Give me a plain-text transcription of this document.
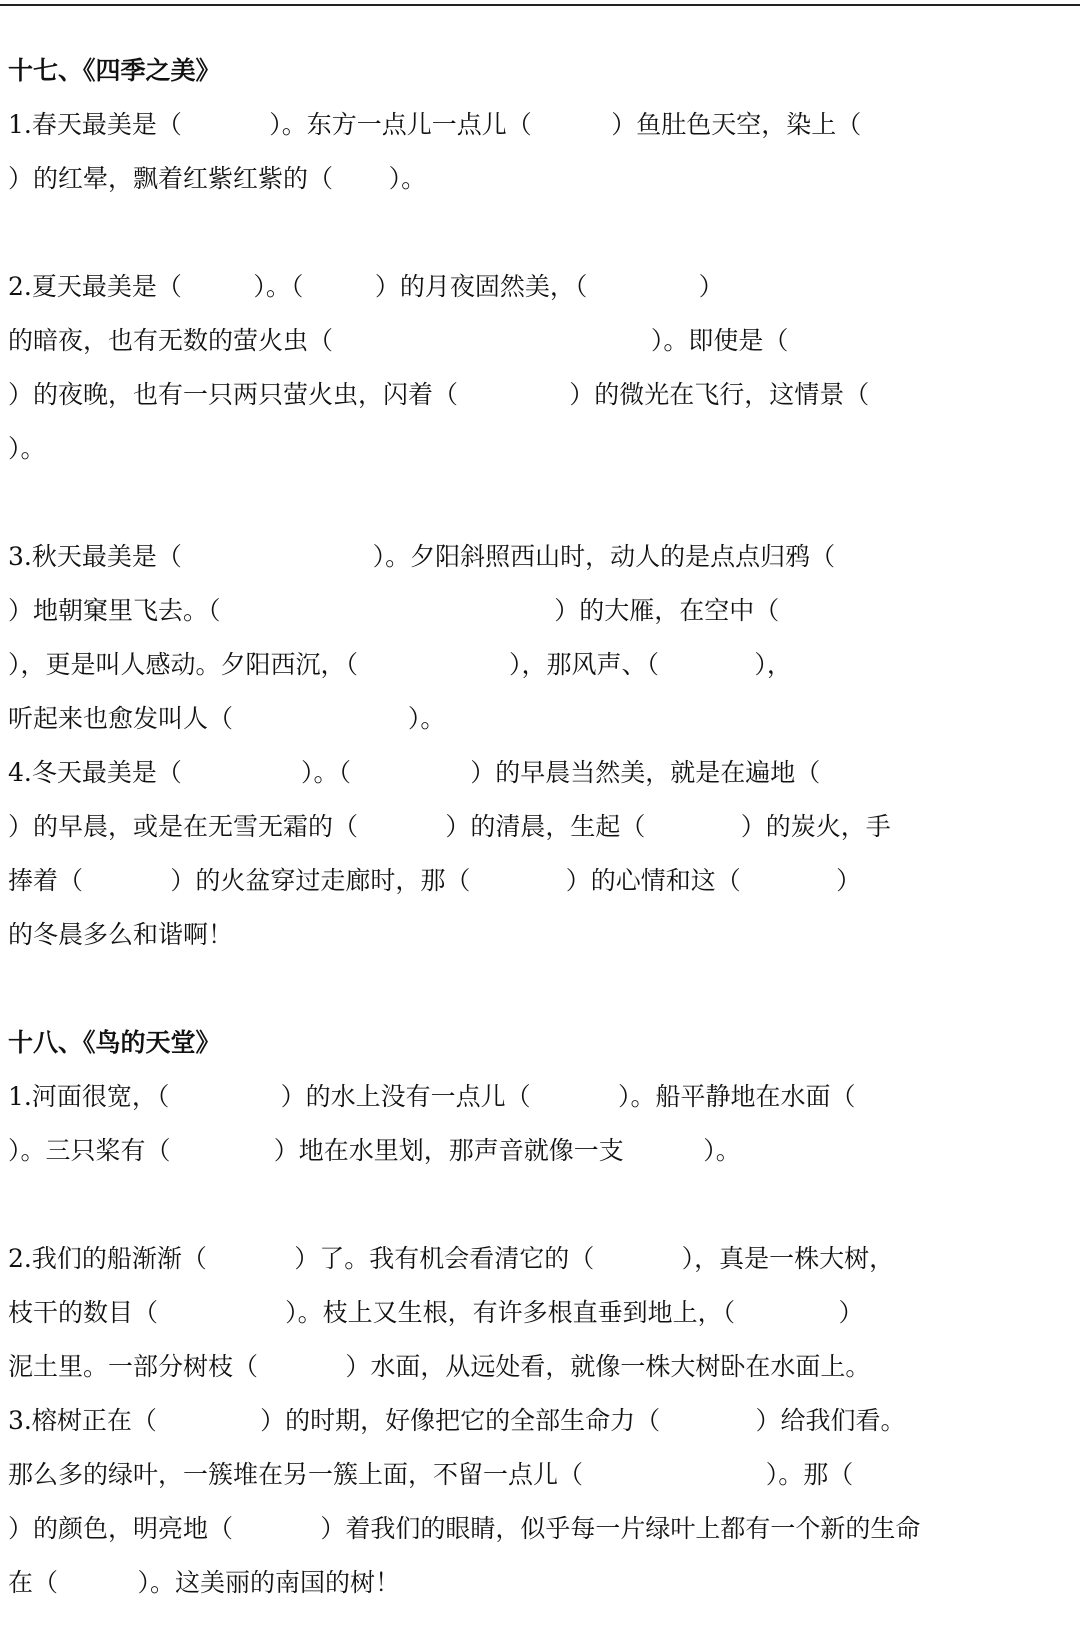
十七、《四季之美》
1.春天最美是（           ）。东方一点儿一点儿（          ）鱼肚色天空，染上（
）的红晕，飘着红紫红紫的（       ）。
2.夏天最美是（         ）。（         ）的月夜固然美，（              ）
的暗夜，也有无数的萤火虫（                                        ）。即使是（
）的夜晚，也有一只两只萤火虫，闪着（              ）的微光在飞行，这情景（
）。
3.秋天最美是（                        ）。夕阳斜照西山时，动人的是点点归鸦（
）地朝窠里飞去。（                                          ）的大雁，在空中（
），更是叫人感动。夕阳西沉，（                   ），那风声、（            ），
听起来也愈发叫人（                      ）。
4.冬天最美是（               ）。（               ）的早晨当然美，就是在遍地（
）的早晨，或是在无雪无霜的（           ）的清晨，生起（            ）的炭火，手
捧着（           ）的火盆穿过走廊时，那（            ）的心情和这（            ）
的冬晨多么和谐啊！
十八、《鸟的天堂》
1.河面很宽，（              ）的水上没有一点儿（           ）。船平静地在水面（
）。三只桨有（             ）地在水里划，那声音就像一支          ）。
2.我们的船渐渐（           ）了。我有机会看清它的（           ），真是一株大树，
枝干的数目（                ）。枝上又生根，有许多根直垂到地上，（             ）
泥土里。一部分树枝（           ）水面，从远处看，就像一株大树卧在水面上。
3.榕树正在（             ）的时期，好像把它的全部生命力（            ）给我们看。
那么多的绿叶，一簇堆在另一簇上面，不留一点儿（                       ）。那（
）的颜色，明亮地（           ）着我们的眼睛，似乎每一片绿叶上都有一个新的生命
在（          ）。这美丽的南国的树！
